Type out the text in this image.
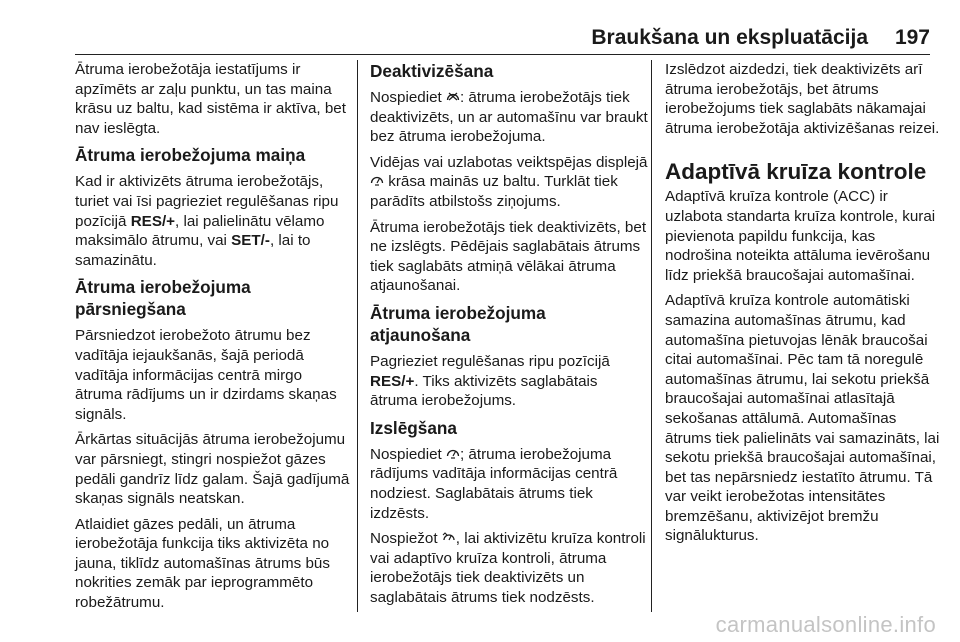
Braukšana un ekspluatācija 197

Ātruma ierobežotāja iestatījums ir apzīmēts ar zaļu punktu, un tas maina krāsu uz baltu, kad sistēma ir aktīva, bet nav ieslēgta.

Ātruma ierobežojuma maiņa

Kad ir aktivizēts ātruma ierobežotājs, turiet vai īsi pagrieziet regulēšanas ripu pozīcijā RES/+, lai palielinātu vēlamo maksimālo ātrumu, vai SET/-, lai to samazinātu.

Ātruma ierobežojuma pārsniegšana

Pārsniedzot ierobežoto ātrumu bez vadītāja iejaukšanās, šajā periodā vadītāja informācijas centrā mirgo ātruma rādījums un ir dzirdams skaņas signāls.

Ārkārtas situācijās ātruma ierobežojumu var pārsniegt, stingri nospiežot gāzes pedāli gandrīz līdz galam. Šajā gadījumā skaņas signāls neatskan.

Atlaidiet gāzes pedāli, un ātruma ierobežotāja funkcija tiks aktivizēta no jauna, tiklīdz automašīnas ātrums būs nokrities zemāk par ieprogrammēto robežātrumu.

Deaktivizēšana

Nospiediet : ātruma ierobežotājs tiek deaktivizēts, un ar automašīnu var braukt bez ātruma ierobežojuma.

Vidējas vai uzlabotas veiktspējas displejā  krāsa mainās uz baltu. Turklāt tiek parādīts atbilstošs ziņojums.

Ātruma ierobežotājs tiek deaktivizēts, bet ne izslēgts. Pēdējais saglabātais ātrums tiek saglabāts atmiņā vēlākai ātruma atjaunošanai.

Ātruma ierobežojuma atjaunošana

Pagrieziet regulēšanas ripu pozīcijā RES/+. Tiks aktivizēts saglabātais ātruma ierobežojums.

Izslēgšana

Nospiediet ; ātruma ierobežojuma rādījums vadītāja informācijas centrā nodziest. Saglabātais ātrums tiek izdzēsts.

Nospiežot , lai aktivizētu kruīza kontroli vai adaptīvo kruīza kontroli, ātruma ierobežotājs tiek deaktivizēts un saglabātais ātrums tiek nodzēsts.

Izslēdzot aizdedzi, tiek deaktivizēts arī ātruma ierobežotājs, bet ātrums ierobežojums tiek saglabāts nākamajai ātruma ierobežotāja aktivizēšanas reizei.

Adaptīvā kruīza kontrole

Adaptīvā kruīza kontrole (ACC) ir uzlabota standarta kruīza kontrole, kurai pievienota papildu funkcija, kas nodrošina noteikta attāluma ievērošanu līdz priekšā braucošajai automašīnai.

Adaptīvā kruīza kontrole automātiski samazina automašīnas ātrumu, kad automašīna pietuvojas lēnāk braucošai citai automašīnai. Pēc tam tā noregulē automašīnas ātrumu, lai sekotu priekšā braucošajai automašīnai atlasītajā sekošanas attālumā. Automašīnas ātrums tiek palielināts vai samazināts, lai sekotu priekšā braucošajai automašīnai, bet tas nepārsniedz iestatīto ātrumu. Tā var veikt ierobežotas intensitātes bremzēšanu, aktivizējot bremžu signālukturus.

carmanualsonline.info
